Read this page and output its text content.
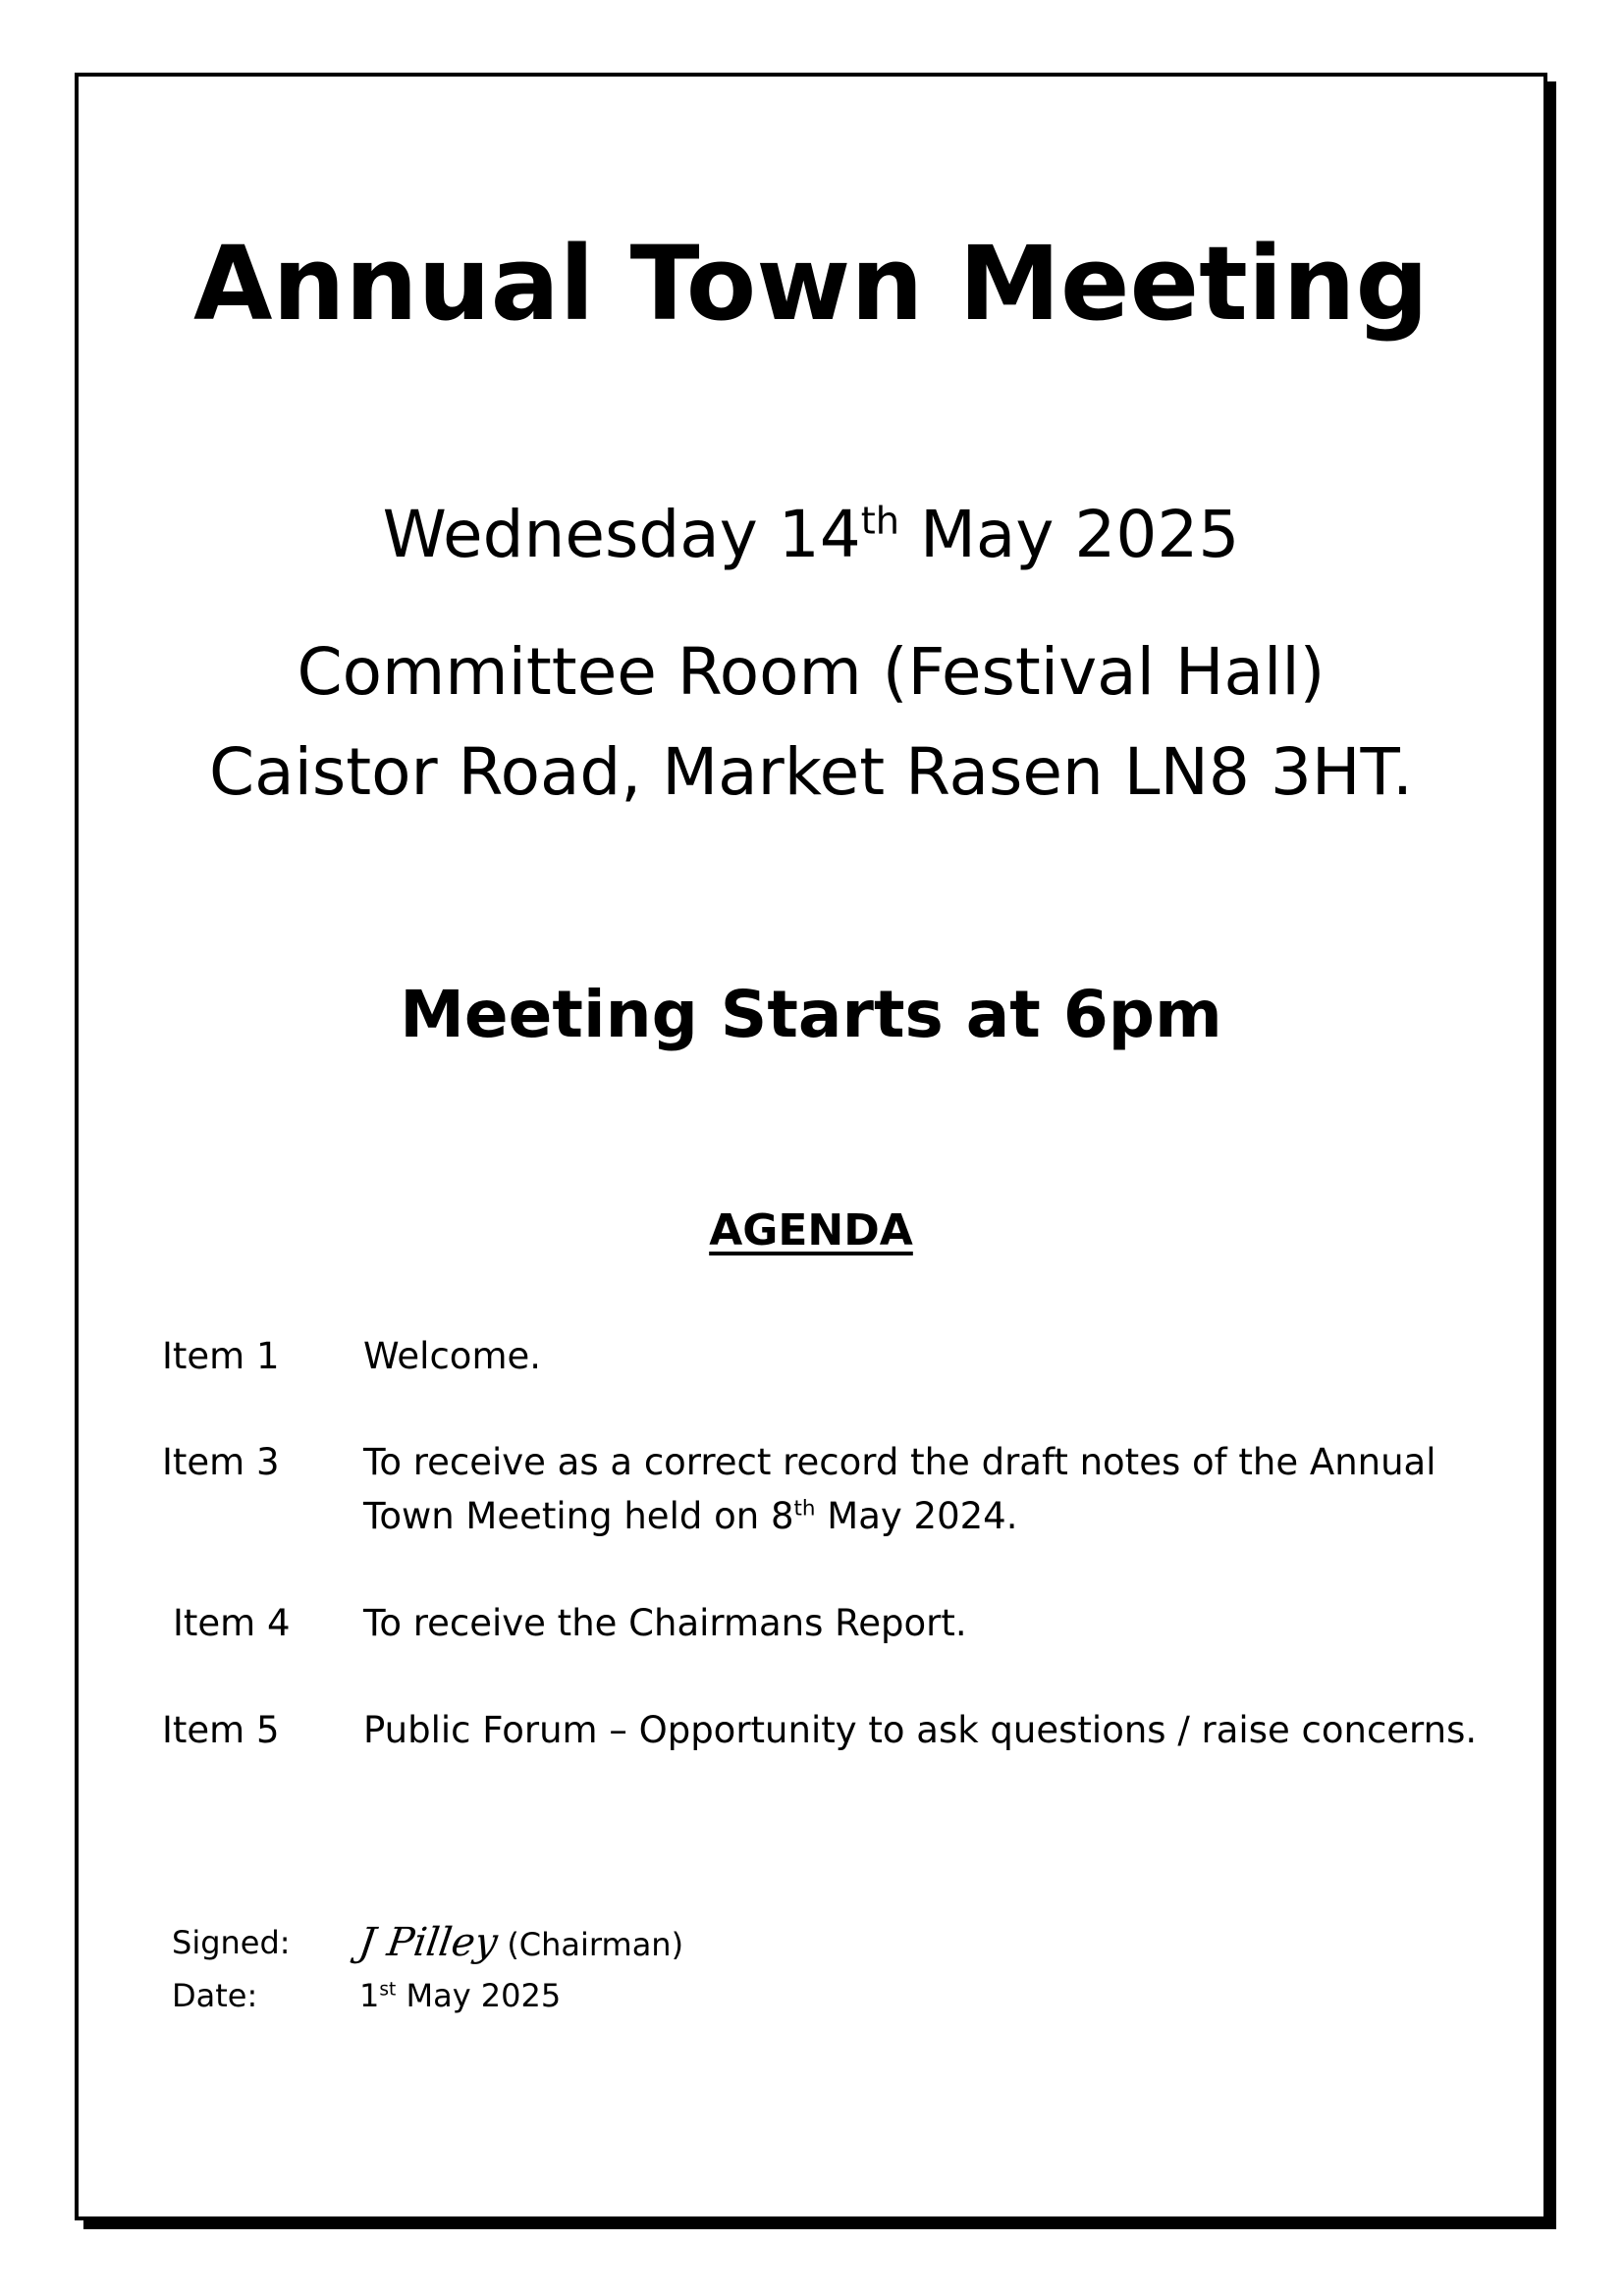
Annual Town Meeting
Wednesday 14th May 2025
Committee Room (Festival Hall)
Caistor Road, Market Rasen LN8 3HT.
Meeting Starts at 6pm
AGENDA
Item 1 Welcome.
Item 3 To receive as a correct record the draft notes of the Annual
Town Meeting held on 8th May 2024.
Item 4 To receive the Chairmans Report.
Item 5 Public Forum – Opportunity to ask questions / raise concerns.
Signed: J Pilley (Chairman)
Date:	1st May 2025
